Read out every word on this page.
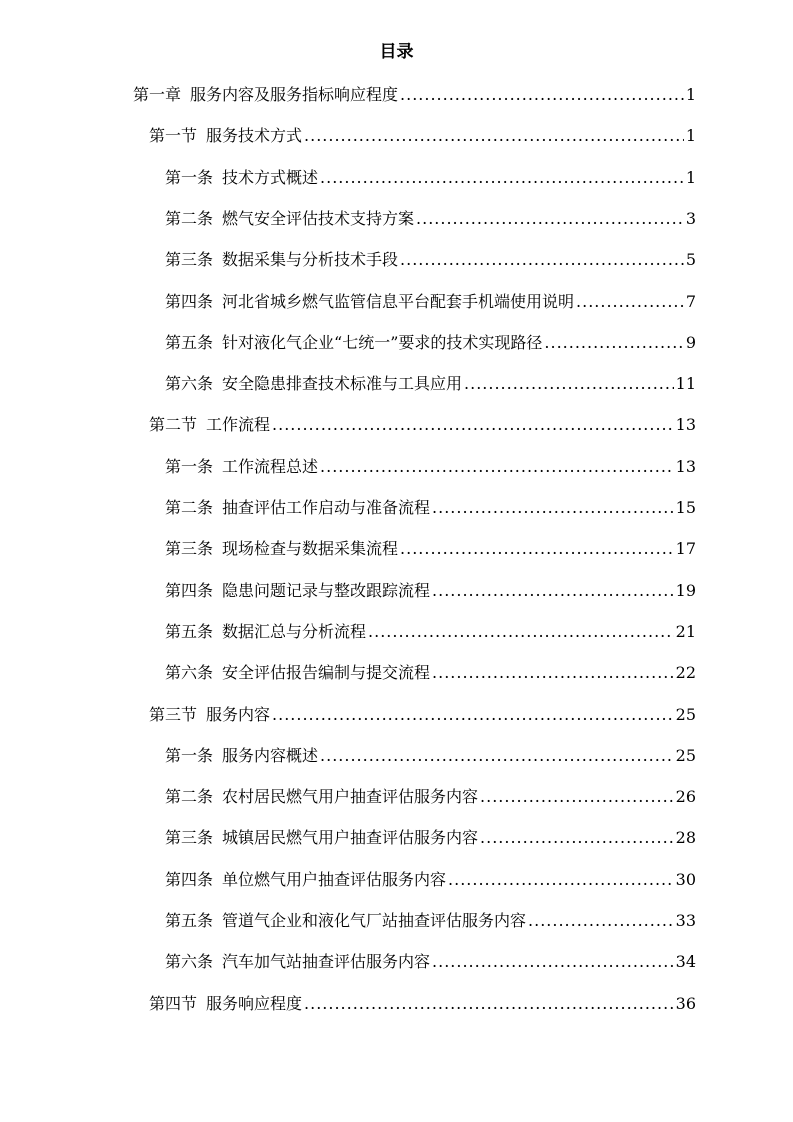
目录
第一章 服务内容及服务指标响应程度 .....	1
第一节 服务技术方式 .....	1
第一条 技术方式概述 .....	1
第二条 燃气安全评估技术支持方案 .....	3
第三条 数据采集与分析技术手段 .....	5
第四条 河北省城乡燃气监管信息平台配套手机端使用说明 .....	7
第五条 针对液化气企业“七统一”要求的技术实现路径 .....	9
第六条 安全隐患排查技术标准与工具应用 .....	11
第二节 工作流程 .....	13
第一条 工作流程总述 .....	13
第二条 抽查评估工作启动与准备流程 .....	15
第三条 现场检查与数据采集流程 .....	17
第四条 隐患问题记录与整改跟踪流程 .....	19
第五条 数据汇总与分析流程 .....	21
第六条 安全评估报告编制与提交流程 .....	22
第三节 服务内容 .....	25
第一条 服务内容概述 .....	25
第二条 农村居民燃气用户抽查评估服务内容 .....	26
第三条 城镇居民燃气用户抽查评估服务内容 .....	28
第四条 单位燃气用户抽查评估服务内容 .....	30
第五条 管道气企业和液化气厂站抽查评估服务内容 .....	33
第六条 汽车加气站抽查评估服务内容 .....	34
第四节 服务响应程度 .....	36
